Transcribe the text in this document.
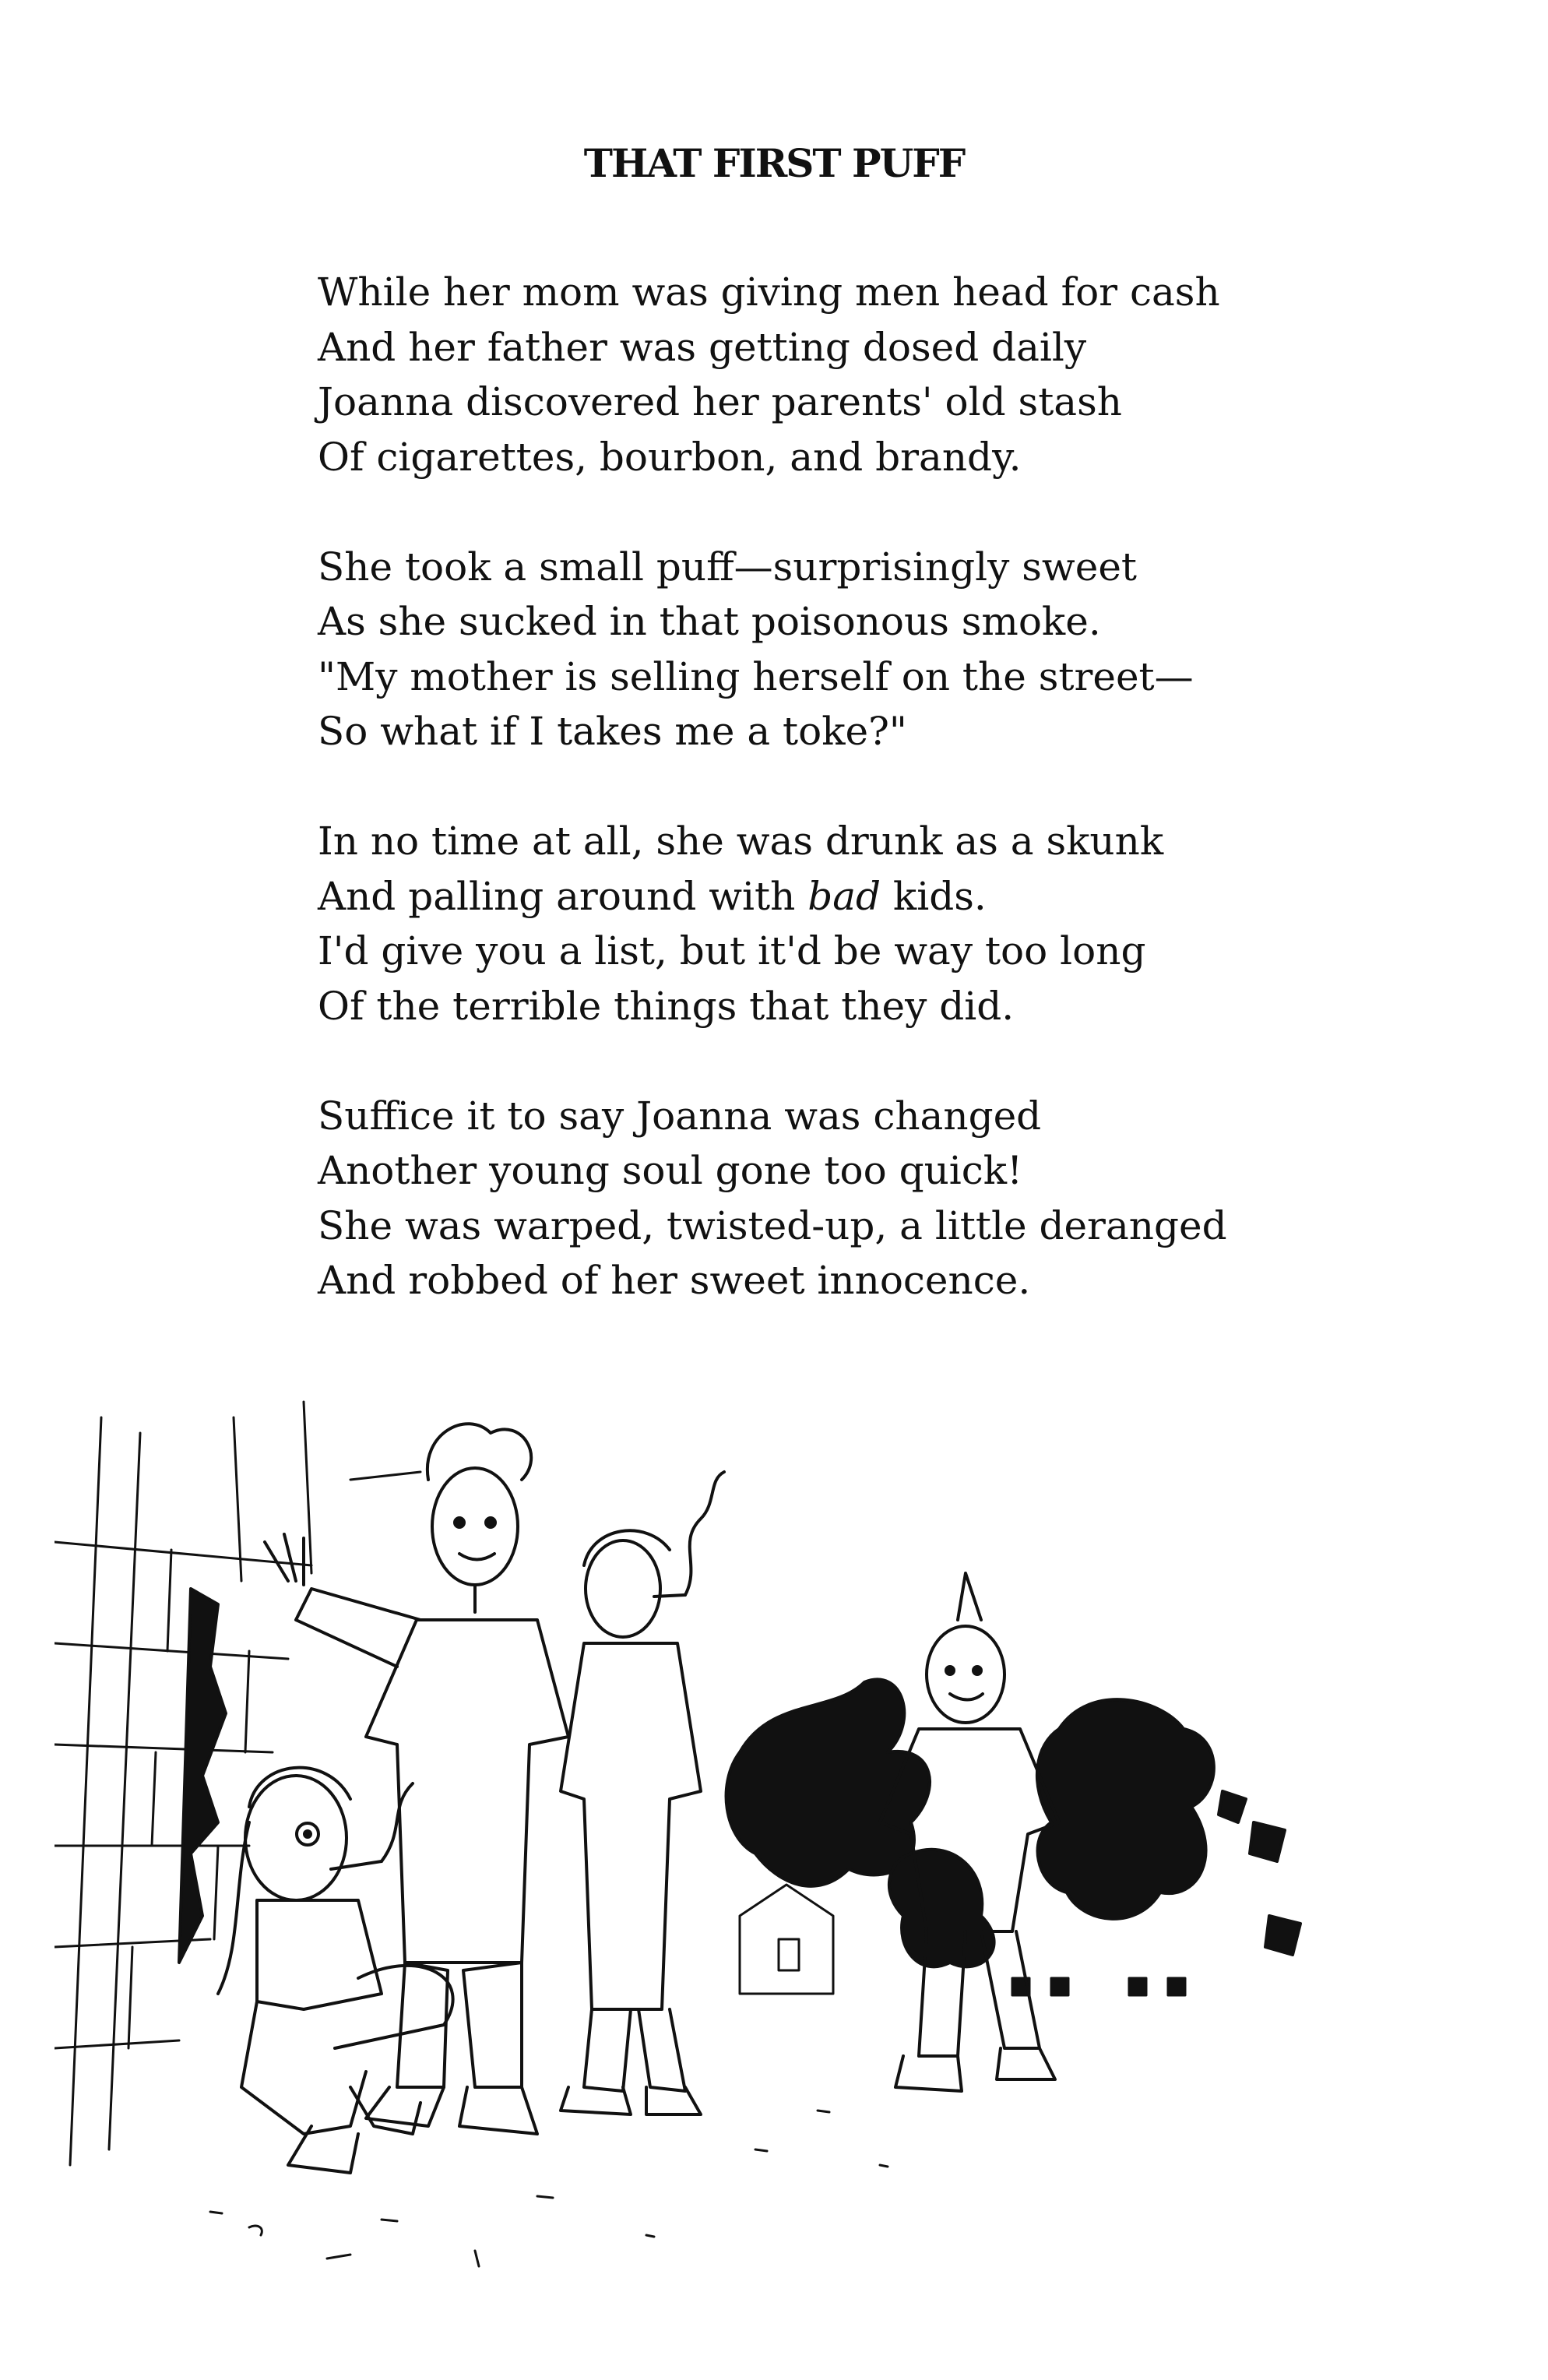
THAT FIRST PUFF
While her mom was giving men head for cash
And her father was getting dosed daily
Joanna discovered her parents' old stash
Of cigarettes, bourbon, and brandy.
She took a small puff—surprisingly sweet
As she sucked in that poisonous smoke.
"My mother is selling herself on the street—
So what if I takes me a toke?"
In no time at all, she was drunk as a skunk
And palling around with bad kids.
I'd give you a list, but it'd be way too long
Of the terrible things that they did.
Suffice it to say Joanna was changed
Another young soul gone too quick!
She was warped, twisted-up, a little deranged
And robbed of her sweet innocence.
